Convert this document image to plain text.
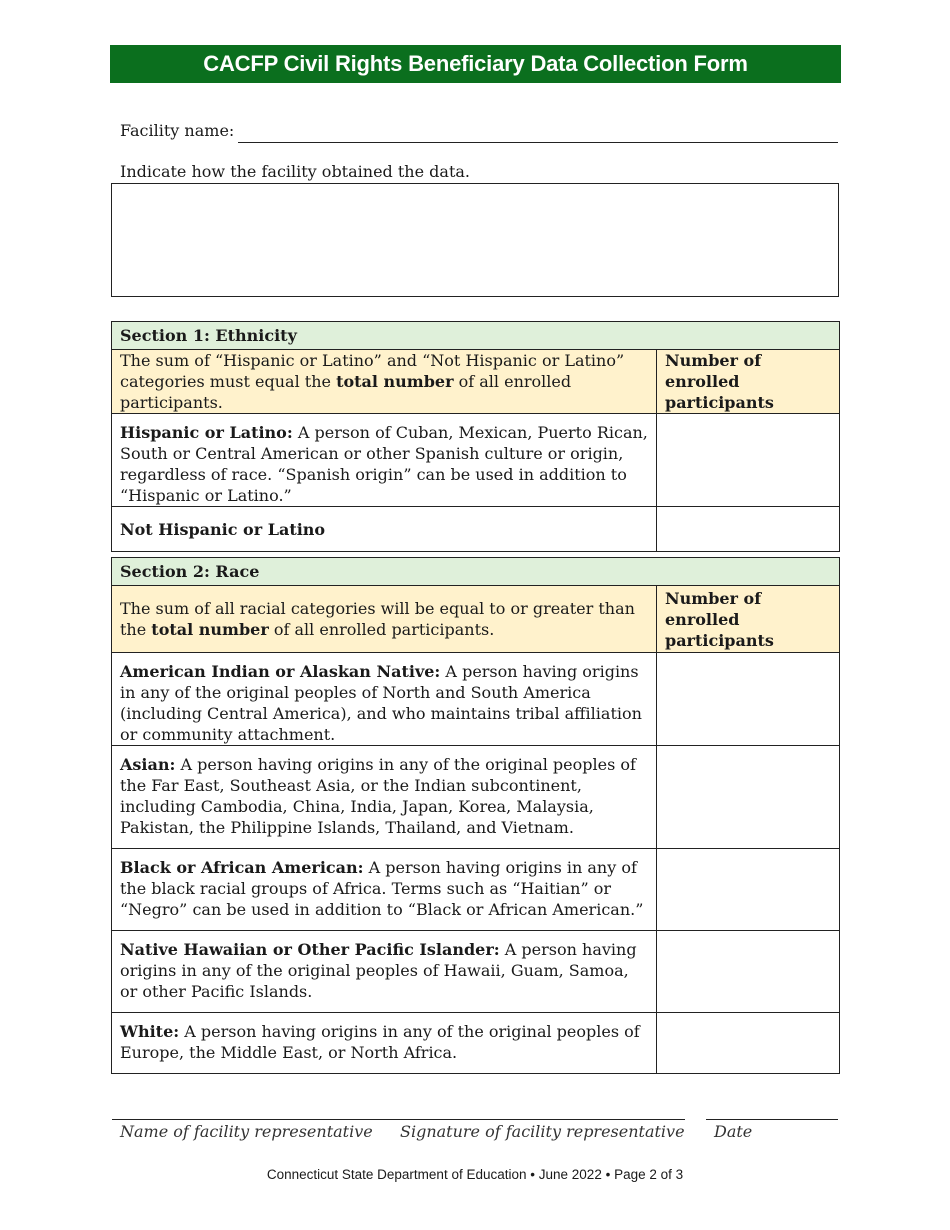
CACFP Civil Rights Beneficiary Data Collection Form
Facility name:
Indicate how the facility obtained the data.
Section 1: Ethnicity	
The sum of “Hispanic or Latino” and “Not Hispanic or Latino” categories must equal the total number of all enrolled participants.	Number of enrolled participants
Hispanic or Latino: A person of Cuban, Mexican, Puerto Rican, South or Central American or other Spanish culture or origin, regardless of race. “Spanish origin” can be used in addition to “Hispanic or Latino.”	
Not Hispanic or Latino	
Section 2: Race	
The sum of all racial categories will be equal to or greater than the total number of all enrolled participants.	Number of enrolled participants
American Indian or Alaskan Native: A person having origins in any of the original peoples of North and South America (including Central America), and who maintains tribal affiliation or community attachment.	
Asian: A person having origins in any of the original peoples of the Far East, Southeast Asia, or the Indian subcontinent, including Cambodia, China, India, Japan, Korea, Malaysia, Pakistan, the Philippine Islands, Thailand, and Vietnam.	
Black or African American: A person having origins in any of the black racial groups of Africa. Terms such as “Haitian” or “Negro” can be used in addition to “Black or African American.”	
Native Hawaiian or Other Pacific Islander: A person having origins in any of the original peoples of Hawaii, Guam, Samoa, or other Pacific Islands.	
White: A person having origins in any of the original peoples of Europe, the Middle East, or North Africa.	
Name of facility representative Signature of facility representative Date
Connecticut State Department of Education • June 2022 • Page 2 of 3
